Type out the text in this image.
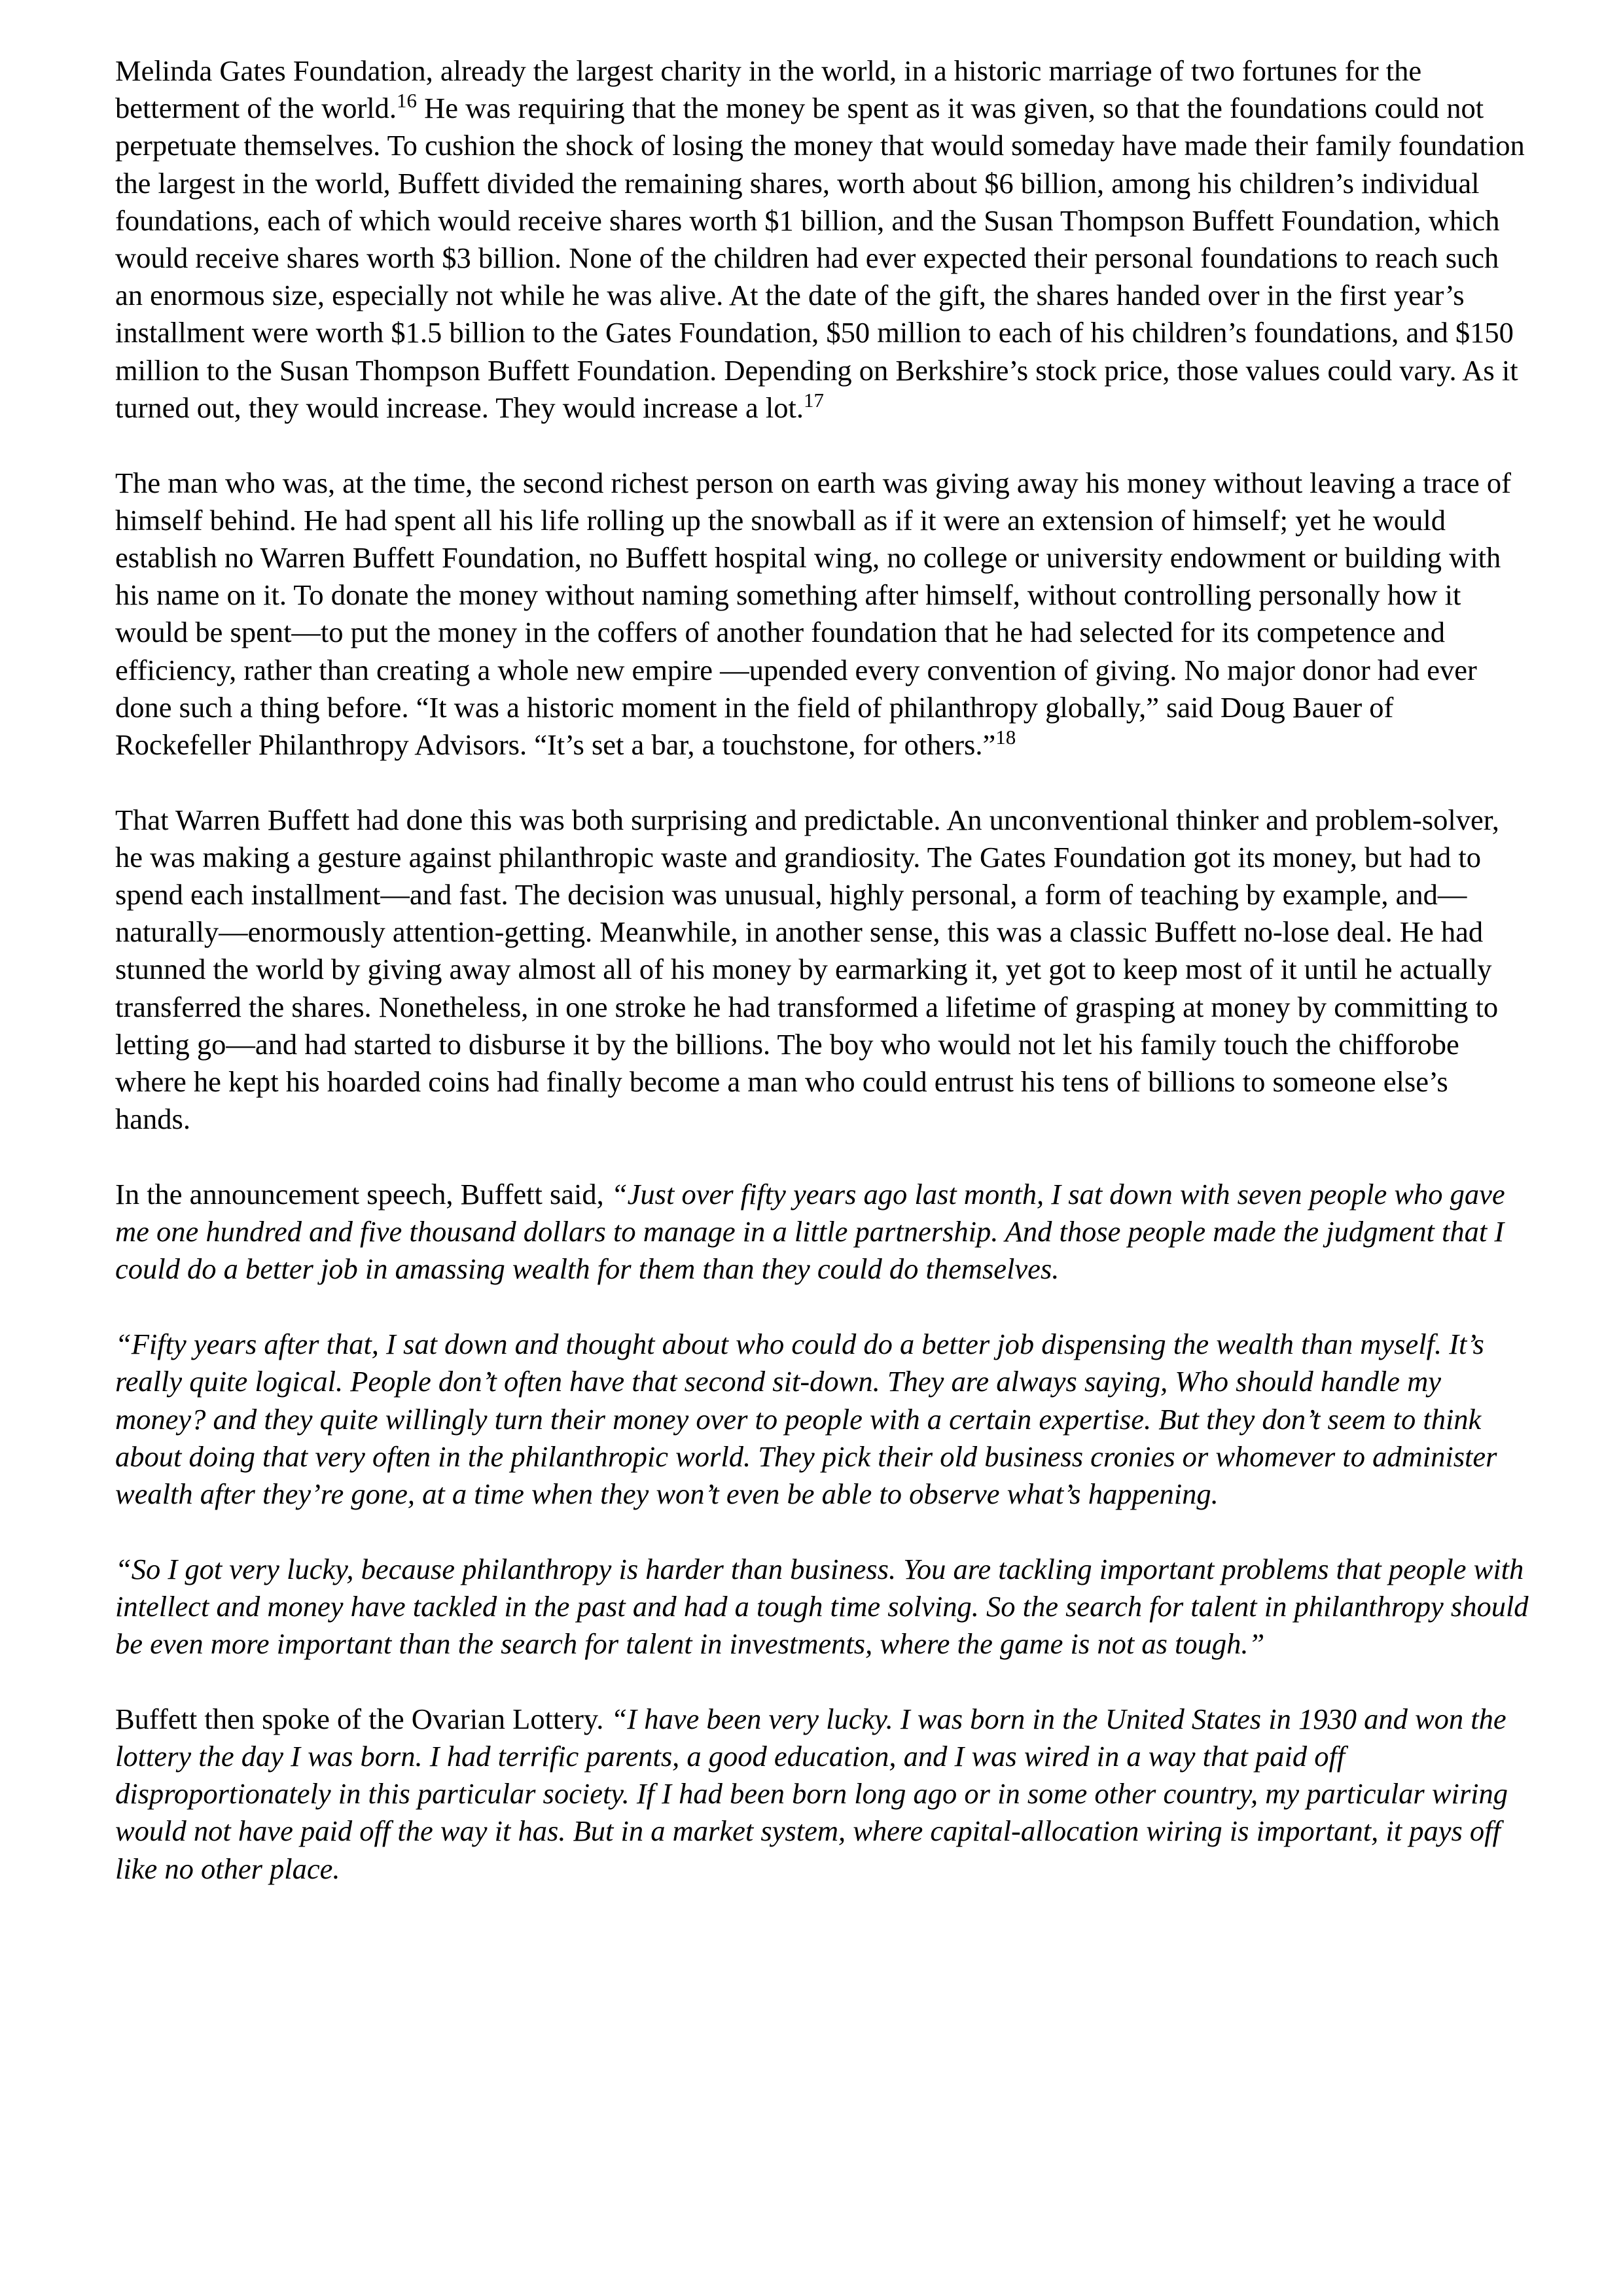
Melinda Gates Foundation, already the largest charity in the world, in a historic marriage of two fortunes for the betterment of the world.$^{16}$ He was requiring that the money be spent as it was given, so that the foundations could not perpetuate themselves. To cushion the shock of losing the money that would someday have made their family foundation the largest in the world, Buffett divided the remaining shares, worth about $6 billion, among his children’s individual foundations, each of which would receive shares worth $1 billion, and the Susan Thompson Buffett Foundation, which would receive shares worth $3 billion. None of the children had ever expected their personal foundations to reach such an enormous size, especially not while he was alive. At the date of the gift, the shares handed over in the first year’s installment were worth $1.5 billion to the Gates Foundation, $50 million to each of his children’s foundations, and $150 million to the Susan Thompson Buffett Foundation. Depending on Berkshire’s stock price, those values could vary. As it turned out, they would increase. They would increase a lot.$^{17}$

The man who was, at the time, the second richest person on earth was giving away his money without leaving a trace of himself behind. He had spent all his life rolling up the snowball as if it were an extension of himself; yet he would establish no Warren Buffett Foundation, no Buffett hospital wing, no college or university endowment or building with his name on it. To donate the money without naming something after himself, without controlling personally how it would be spent—to put the money in the coffers of another foundation that he had selected for its competence and efficiency, rather than creating a whole new empire —upended every convention of giving. No major donor had ever done such a thing before. “It was a historic moment in the field of philanthropy globally,” said Doug Bauer of Rockefeller Philanthropy Advisors. “It’s set a bar, a touchstone, for others.”$^{18}$

That Warren Buffett had done this was both surprising and predictable. An unconventional thinker and problem-solver, he was making a gesture against philanthropic waste and grandiosity. The Gates Foundation got its money, but had to spend each installment—and fast. The decision was unusual, highly personal, a form of teaching by example, and—naturally—enormously attention-getting. Meanwhile, in another sense, this was a classic Buffett no-lose deal. He had stunned the world by giving away almost all of his money by earmarking it, yet got to keep most of it until he actually transferred the shares. Nonetheless, in one stroke he had transformed a lifetime of grasping at money by committing to letting go—and had started to disburse it by the billions. The boy who would not let his family touch the chifforobe where he kept his hoarded coins had finally become a man who could entrust his tens of billions to someone else’s hands.

In the announcement speech, Buffett said, “Just over fifty years ago last month, I sat down with seven people who gave me one hundred and five thousand dollars to manage in a little partnership. And those people made the judgment that I could do a better job in amassing wealth for them than they could do themselves.

“Fifty years after that, I sat down and thought about who could do a better job dispensing the wealth than myself. It’s really quite logical. People don’t often have that second sit-down. They are always saying, Who should handle my money? and they quite willingly turn their money over to people with a certain expertise. But they don’t seem to think about doing that very often in the philanthropic world. They pick their old business cronies or whomever to administer wealth after they’re gone, at a time when they won’t even be able to observe what’s happening.

“So I got very lucky, because philanthropy is harder than business. You are tackling important problems that people with intellect and money have tackled in the past and had a tough time solving. So the search for talent in philanthropy should be even more important than the search for talent in investments, where the game is not as tough.”

Buffett then spoke of the Ovarian Lottery. “I have been very lucky. I was born in the United States in 1930 and won the lottery the day I was born. I had terrific parents, a good education, and I was wired in a way that paid off disproportionately in this particular society. If I had been born long ago or in some other country, my particular wiring would not have paid off the way it has. But in a market system, where capital-allocation wiring is important, it pays off like no other place.
